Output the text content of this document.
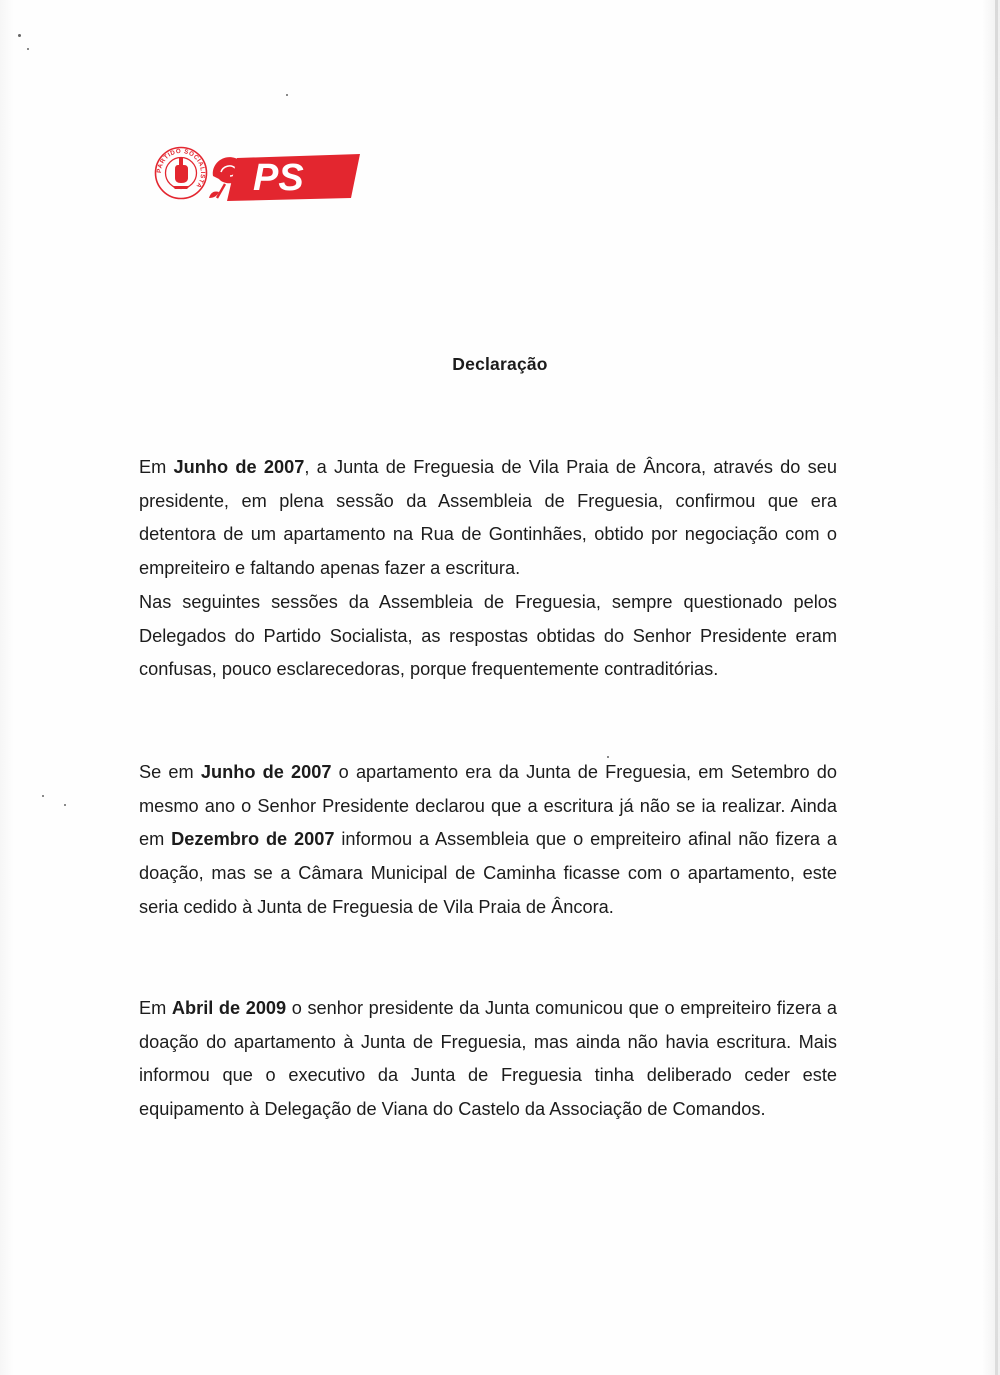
PARTIDO SOCIALISTA PS
Declaração

Em Junho de 2007, a Junta de Freguesia de Vila Praia de Âncora, através do seu presidente, em plena sessão da Assembleia de Freguesia, confirmou que era detentora de um apartamento na Rua de Gontinhães, obtido por negociação com o empreiteiro e faltando apenas fazer a escritura.

Nas seguintes sessões da Assembleia de Freguesia, sempre questionado pelos Delegados do Partido Socialista, as respostas obtidas do Senhor Presidente eram confusas, pouco esclarecedoras, porque frequentemente contraditórias.

Se em Junho de 2007 o apartamento era da Junta de Freguesia, em Setembro do mesmo ano o Senhor Presidente declarou que a escritura já não se ia realizar. Ainda em Dezembro de 2007 informou a Assembleia que o empreiteiro afinal não fizera a doação, mas se a Câmara Municipal de Caminha ficasse com o apartamento, este seria cedido à Junta de Freguesia de Vila Praia de Âncora.

Em Abril de 2009 o senhor presidente da Junta comunicou que o empreiteiro fizera a doação do apartamento à Junta de Freguesia, mas ainda não havia escritura. Mais informou que o executivo da Junta de Freguesia tinha deliberado ceder este equipamento à Delegação de Viana do Castelo da Associação de Comandos.
